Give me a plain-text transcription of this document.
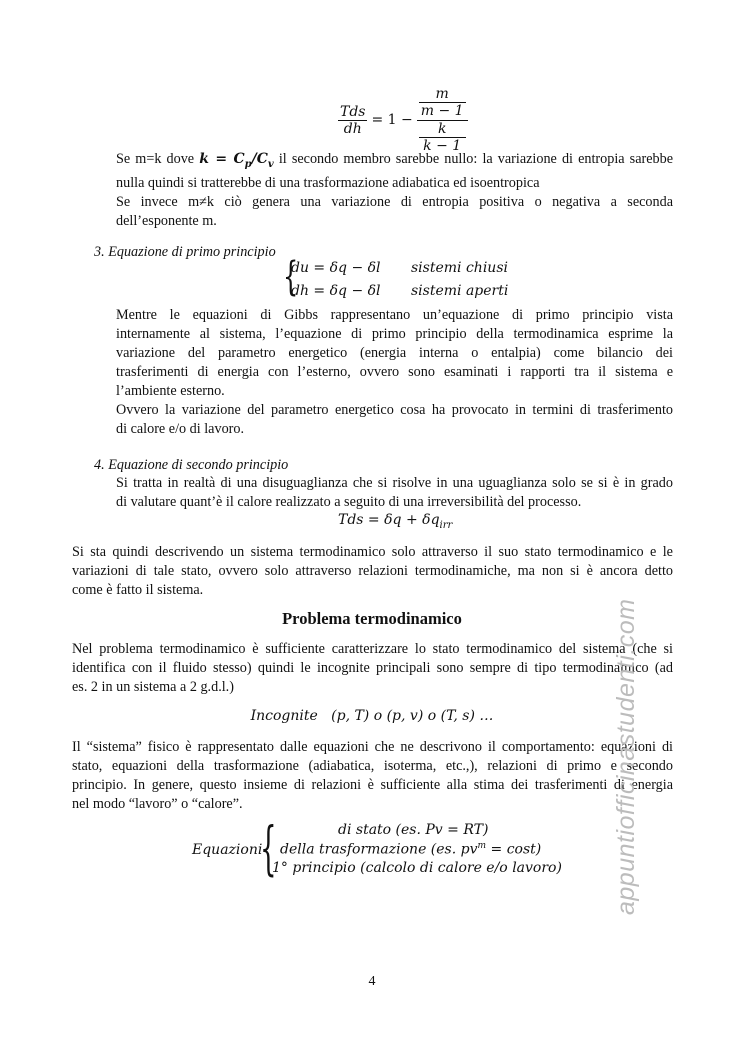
$\frac{\text{Tds}}{dh} = 1 - m$
m − 1
k
k − 1
Se m=k dove $k = C_p/C_v$ il secondo membro sarebbe nullo: la variazione di entropia sarebbe
nulla quindi si tratterebbe di una trasformazione adiabatica ed isoentropica
Se invece m≠k ciò genera una variazione di entropia positiva o negativa a seconda
dell’esponente m.
3. Equazione di primo principio
{
du = δq − δl sistemi chiusi
dh = δq − δl sistemi aperti
Mentre le equazioni di Gibbs rappresentano un’equazione di primo principio vista
internamente al sistema, l’equazione di primo principio della termodinamica esprime la
variazione del parametro energetico (energia interna o entalpia) come bilancio dei
trasferimenti di energia con l’esterno, ovvero sono esaminati i rapporti tra il sistema e
l’ambiente esterno.
Ovvero la variazione del parametro energetico cosa ha provocato in termini di trasferimento
di calore e/o di lavoro.
4. Equazione di secondo principio
Si tratta in realtà di una disuguaglianza che si risolve in una uguaglianza solo se si è in grado
di valutare quant’è il calore realizzato a seguito di una irreversibilità del processo.
Tds = $\delta q + \delta q_{irr}$
Si sta quindi descrivendo un sistema termodinamico solo attraverso il suo stato termodinamico e le
variazioni di tale stato, ovvero solo attraverso relazioni termodinamiche, ma non si è ancora detto
come è fatto il sistema.
Problema termodinamico
Nel problema termodinamico è sufficiente caratterizzare lo stato termodinamico del sistema (che si
identifica con il fluido stesso) quindi le incognite principali sono sempre di tipo termodinamico (ad
es. 2 in un sistema a 2 g.d.l.)
Incognite   (p, T) o (p, v) o (T, s) …
Il “sistema” fisico è rappresentato dalle equazioni che ne descrivono il comportamento: equazioni di
stato, equazioni della trasformazione (adiabatica, isoterma, etc.,), relazioni di primo e secondo
principio. In genere, questo insieme di relazioni è sufficiente alla stima dei trasferimenti di energia
nel modo “lavoro” o “calore”.
Equazioni
{	di stato (es. Pv = RT)
della trasformazione (es. $pv^m = \cos t$)
1° principio (calcolo di calore e/o lavoro)
4
appuntiofficinastudenti.com
